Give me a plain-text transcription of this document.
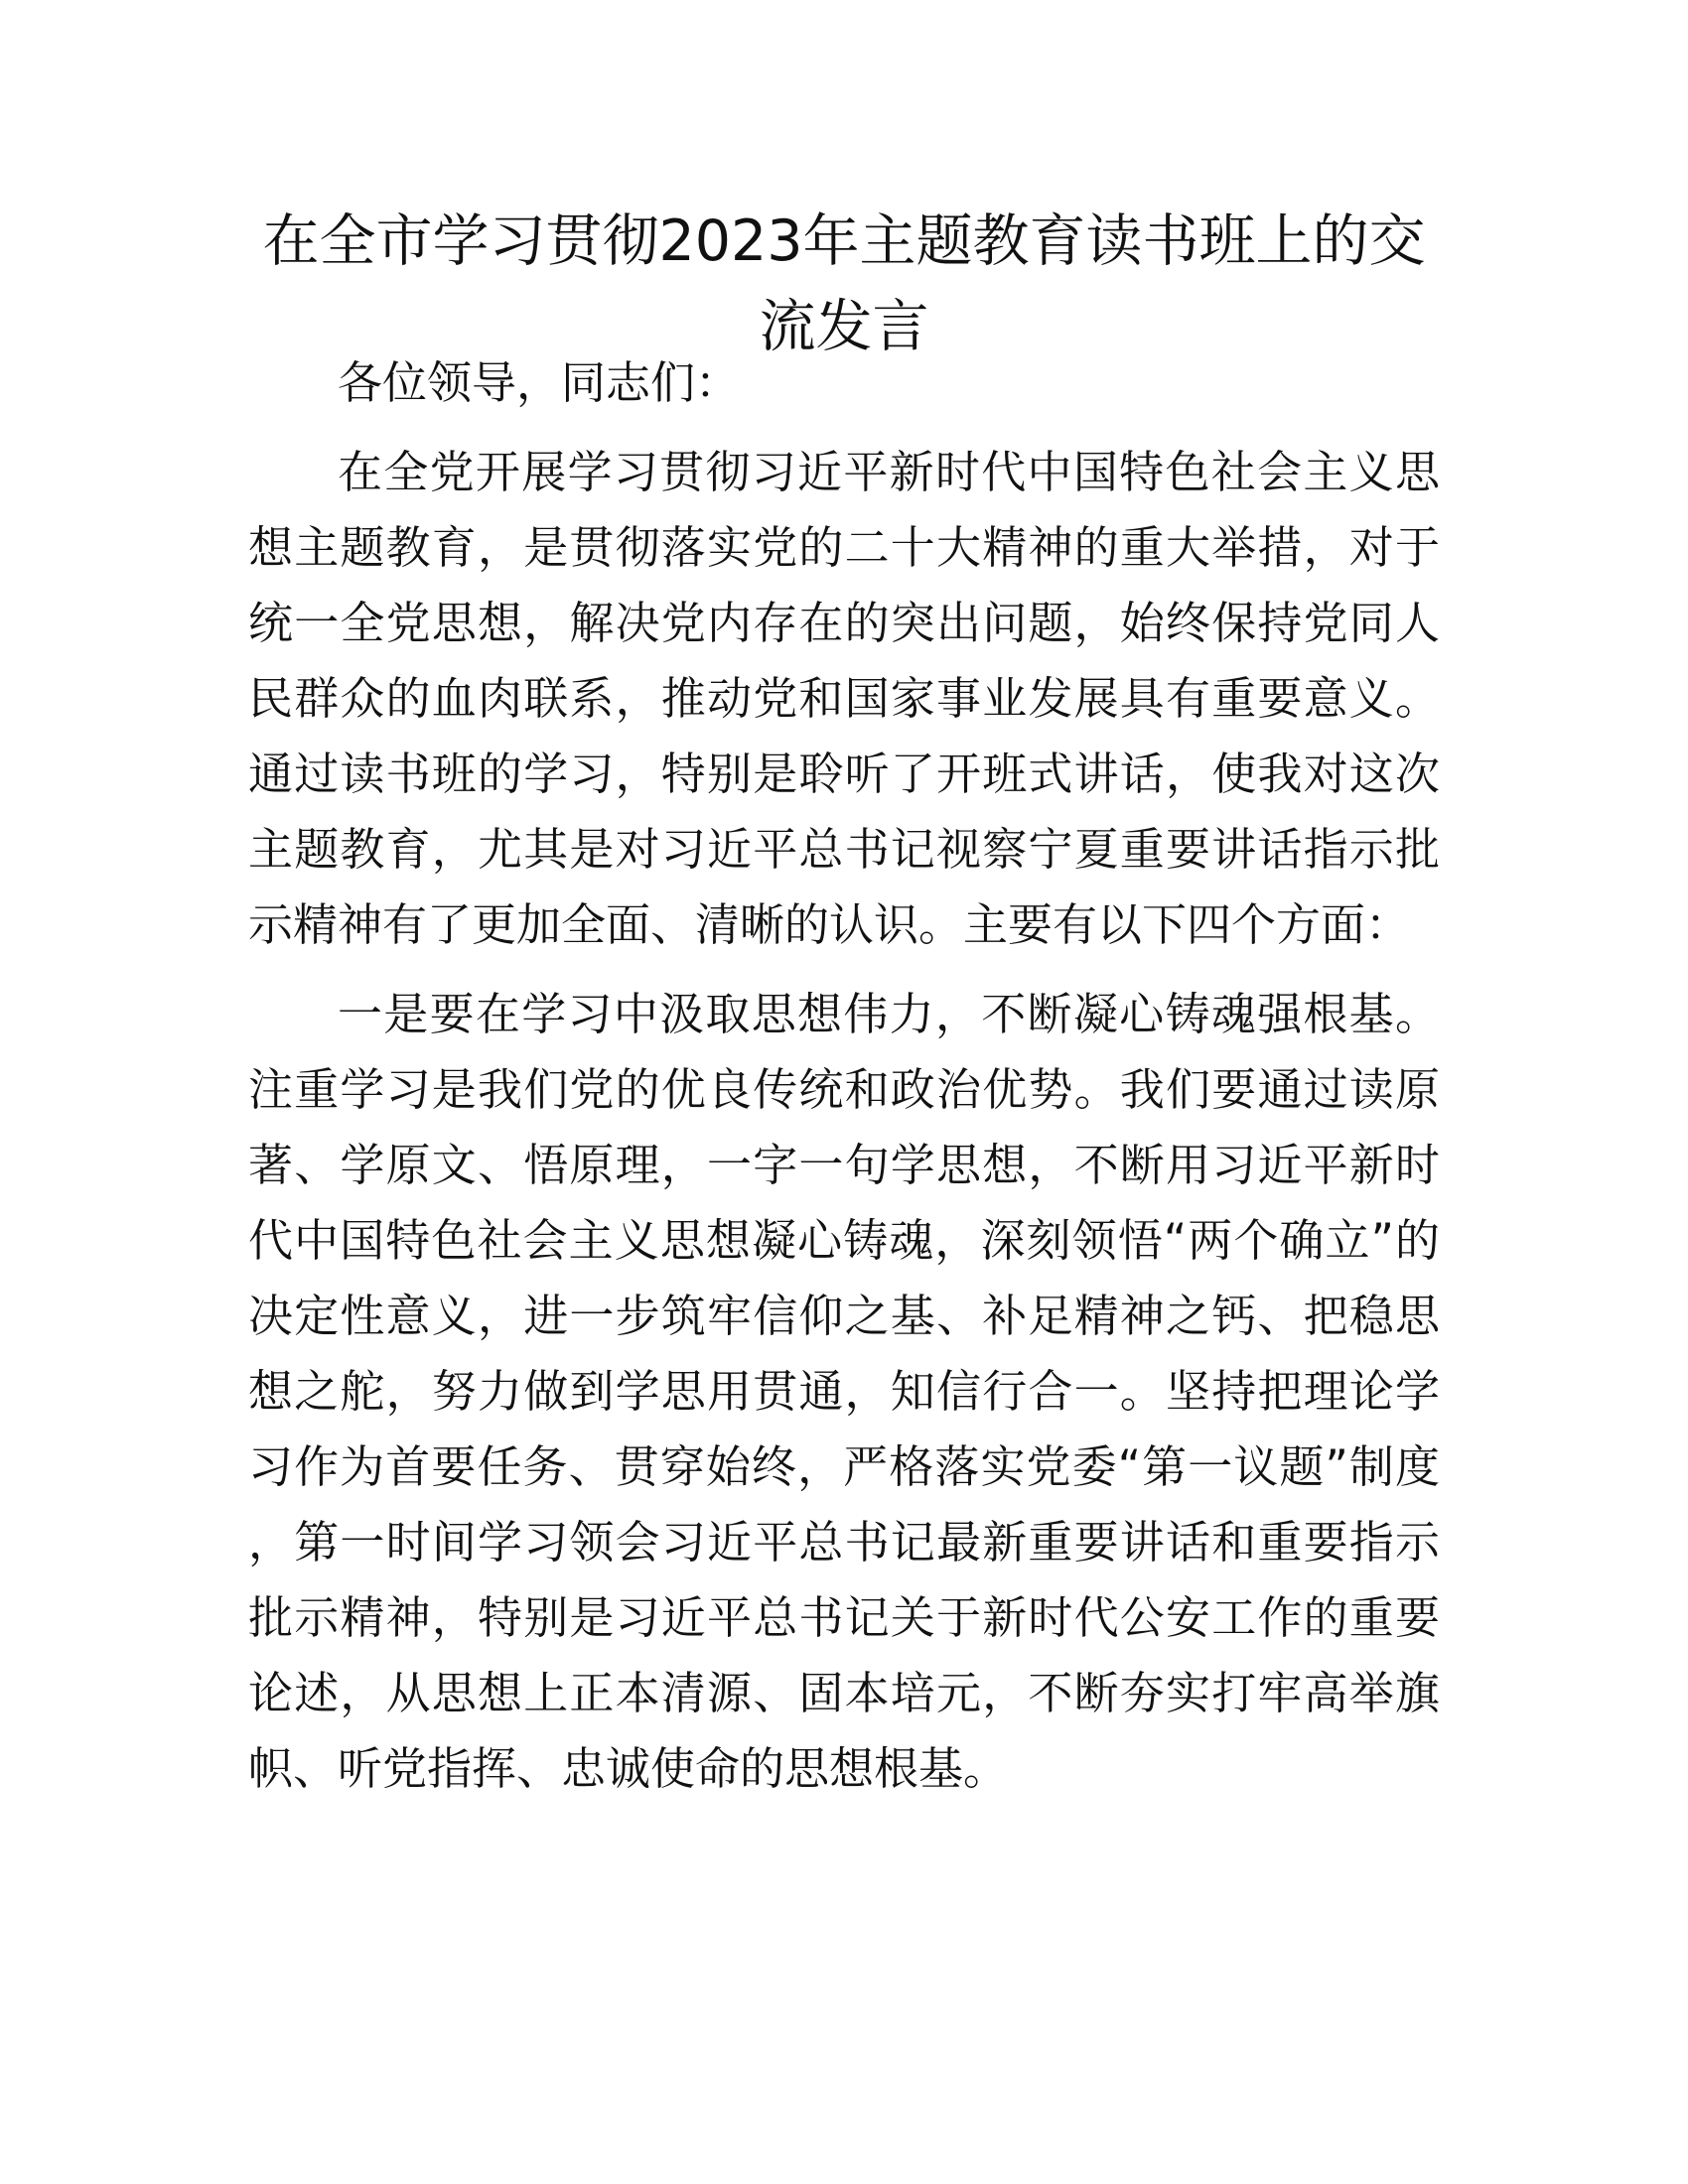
在全市学习贯彻2023年主题教育读书班上的交流发言

各位领导，同志们：

在全党开展学习贯彻习近平新时代中国特色社会主义思想主题教育，是贯彻落实党的二十大精神的重大举措，对于统一全党思想，解决党内存在的突出问题，始终保持党同人民群众的血肉联系，推动党和国家事业发展具有重要意义。通过读书班的学习，特别是聆听了开班式讲话，使我对这次主题教育，尤其是对习近平总书记视察宁夏重要讲话指示批示精神有了更加全面、清晰的认识。主要有以下四个方面：

一是要在学习中汲取思想伟力，不断凝心铸魂强根基。注重学习是我们党的优良传统和政治优势。我们要通过读原著、学原文、悟原理，一字一句学思想，不断用习近平新时代中国特色社会主义思想凝心铸魂，深刻领悟“两个确立”的决定性意义，进一步筑牢信仰之基、补足精神之钙、把稳思想之舵，努力做到学思用贯通，知信行合一。坚持把理论学习作为首要任务、贯穿始终，严格落实党委“第一议题”制度，第一时间学习领会习近平总书记最新重要讲话和重要指示批示精神，特别是习近平总书记关于新时代公安工作的重要论述，从思想上正本清源、固本培元，不断夯实打牢高举旗帜、听党指挥、忠诚使命的思想根基。
